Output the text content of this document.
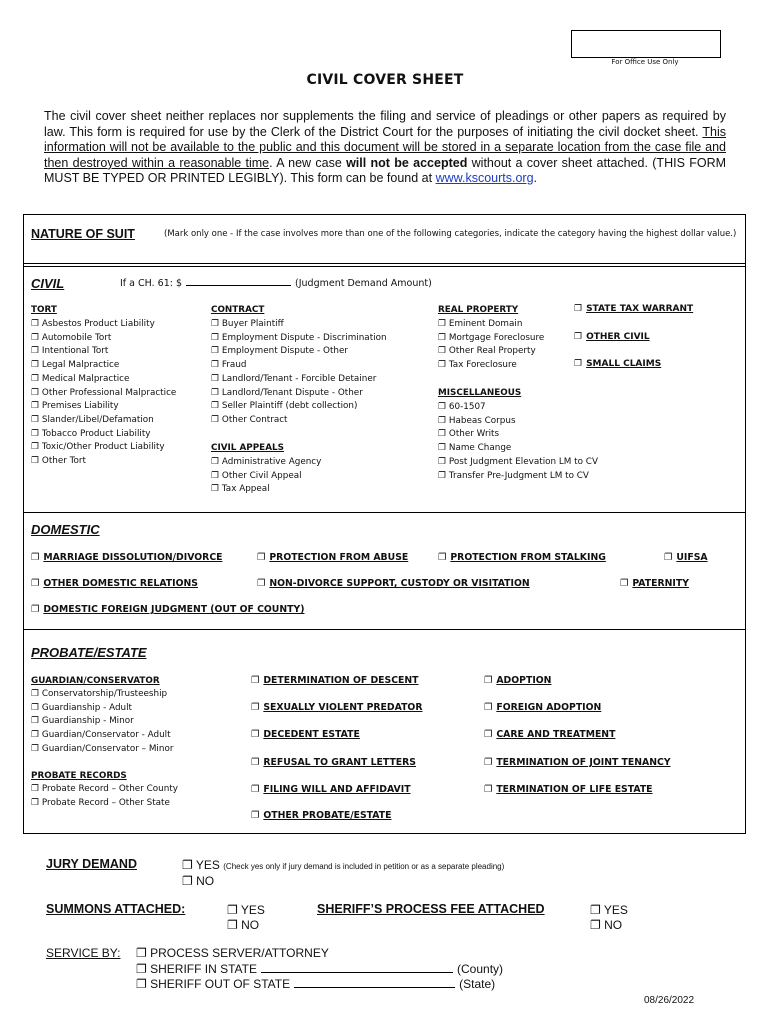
For Office Use Only
CIVIL COVER SHEET
The civil cover sheet neither replaces nor supplements the filing and service of pleadings or other papers as required by law. This form is required for use by the Clerk of the District Court for the purposes of initiating the civil docket sheet. This information will not be available to the public and this document will be stored in a separate location from the case file and then destroyed within a reasonable time. A new case will not be accepted without a cover sheet attached. (THIS FORM MUST BE TYPED OR PRINTED LEGIBLY). This form can be found at www.kscourts.org.
NATURE OF SUIT	(Mark only one - If the case involves more than one of the following categories, indicate the category having the highest dollar value.)
CIVIL	If a CH. 61: $	(Judgment Demand Amount)
TORT
❐ Asbestos Product Liability
❐ Automobile Tort
❐ Intentional Tort
❐ Legal Malpractice
❐ Medical Malpractice
❐ Other Professional Malpractice
❐ Premises Liability
❐ Slander/Libel/Defamation
❐ Tobacco Product Liability
❐ Toxic/Other Product Liability
❐ Other Tort
CONTRACT
❐ Buyer Plaintiff
❐ Employment Dispute - Discrimination
❐ Employment Dispute - Other
❐ Fraud
❐ Landlord/Tenant - Forcible Detainer
❐ Landlord/Tenant Dispute - Other
❐ Seller Plaintiff (debt collection)
❐ Other Contract
CIVIL APPEALS
❐ Administrative Agency
❐ Other Civil Appeal
❐ Tax Appeal
REAL PROPERTY
❐ Eminent Domain
❐ Mortgage Foreclosure
❐ Other Real Property
❐ Tax Foreclosure
MISCELLANEOUS
❐ 60-1507
❐ Habeas Corpus
❐ Other Writs
❐ Name Change
❐ Post Judgment Elevation LM to CV
❐ Transfer Pre-Judgment LM to CV
❐ STATE TAX WARRANT
❐ OTHER CIVIL
❐ SMALL CLAIMS
DOMESTIC
❐ MARRIAGE DISSOLUTION/DIVORCE	❐ PROTECTION FROM ABUSE	❐ PROTECTION FROM STALKING	❐ UIFSA
❐ OTHER DOMESTIC RELATIONS	❐ NON-DIVORCE SUPPORT, CUSTODY OR VISITATION	❐ PATERNITY
❐ DOMESTIC FOREIGN JUDGMENT (OUT OF COUNTY)
PROBATE/ESTATE
GUARDIAN/CONSERVATOR
❐ Conservatorship/Trusteeship
❐ Guardianship - Adult
❐ Guardianship - Minor
❐ Guardian/Conservator - Adult
❐ Guardian/Conservator – Minor
PROBATE RECORDS
❐ Probate Record – Other County
❐ Probate Record – Other State
❐ DETERMINATION OF DESCENT
❐ SEXUALLY VIOLENT PREDATOR
❐ DECEDENT ESTATE
❐ REFUSAL TO GRANT LETTERS
❐ FILING WILL AND AFFIDAVIT
❐ OTHER PROBATE/ESTATE
❐ ADOPTION
❐ FOREIGN ADOPTION
❐ CARE AND TREATMENT
❐ TERMINATION OF JOINT TENANCY
❐ TERMINATION OF LIFE ESTATE
JURY DEMAND	❐ YES (Check yes only if jury demand is included in petition or as a separate pleading)
❐ NO
SUMMONS ATTACHED:	❐ YES
❐ NO
SHERIFF’S PROCESS FEE ATTACHED	❐ YES
❐ NO
SERVICE BY: ❐ PROCESS SERVER/ATTORNEY
❐ SHERIFF IN STATE	(County)
❐ SHERIFF OUT OF STATE	(State)
08/26/2022
